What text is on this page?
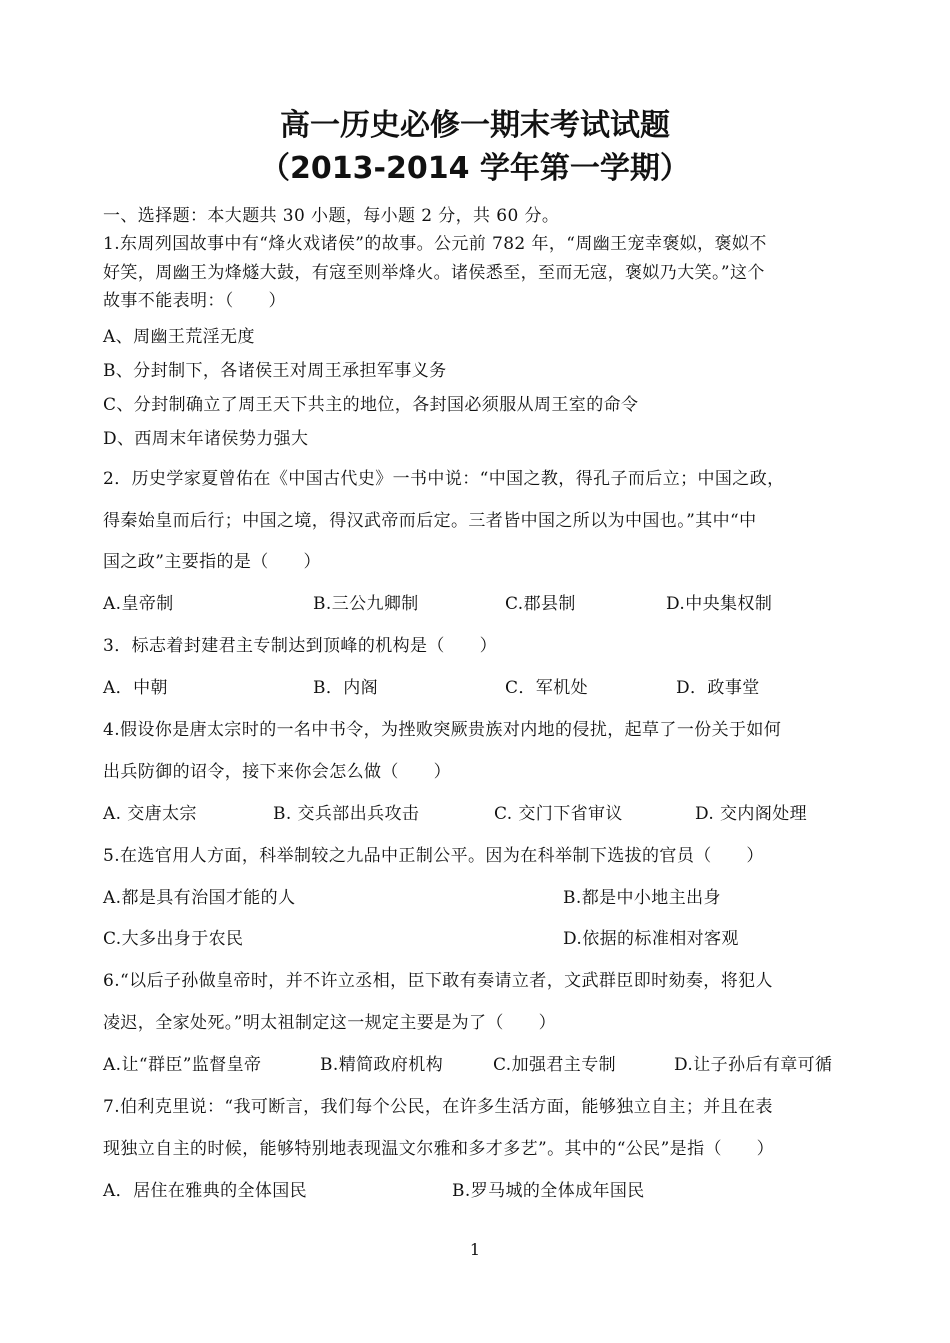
高一历史必修一期末考试试题
（2013-2014 学年第一学期）
一、选择题：本大题共 30 小题，每小题 2 分，共 60 分。
1.东周列国故事中有“烽火戏诸侯”的故事。公元前 782 年，“周幽王宠幸褒姒，褒姒不
好笑，周幽王为烽燧大鼓，有寇至则举烽火。诸侯悉至，至而无寇，褒姒乃大笑。”这个
故事不能表明：（　　）
A、周幽王荒淫无度
B、分封制下，各诸侯王对周王承担军事义务
C、分封制确立了周王天下共主的地位，各封国必须服从周王室的命令
D、西周末年诸侯势力强大
2．历史学家夏曾佑在《中国古代史》一书中说：“中国之教，得孔子而后立；中国之政，
得秦始皇而后行；中国之境，得汉武帝而后定。三者皆中国之所以为中国也。”其中“中
国之政”主要指的是（　　）
A.皇帝制	B.三公九卿制	C.郡县制	D.中央集权制
3．标志着封建君主专制达到顶峰的机构是（　　）
A．中朝	B．内阁	C．军机处	D．政事堂
4.假设你是唐太宗时的一名中书令，为挫败突厥贵族对内地的侵扰，起草了一份关于如何
出兵防御的诏令，接下来你会怎么做（　　）
A. 交唐太宗	B. 交兵部出兵攻击	C. 交门下省审议	D. 交内阁处理
5.在选官用人方面，科举制较之九品中正制公平。因为在科举制下选拔的官员（　　）
A.都是具有治国才能的人	B.都是中小地主出身
C.大多出身于农民	D.依据的标准相对客观
6.“以后子孙做皇帝时，并不许立丞相，臣下敢有奏请立者，文武群臣即时劾奏，将犯人
凌迟，全家处死。”明太祖制定这一规定主要是为了（　　）
A.让“群臣”监督皇帝	B.精简政府机构	C.加强君主专制	D.让子孙后有章可循
7.伯利克里说：“我可断言，我们每个公民，在许多生活方面，能够独立自主；并且在表
现独立自主的时候，能够特别地表现温文尔雅和多才多艺”。其中的“公民”是指（　　）
A．居住在雅典的全体国民	B.罗马城的全体成年国民
1
